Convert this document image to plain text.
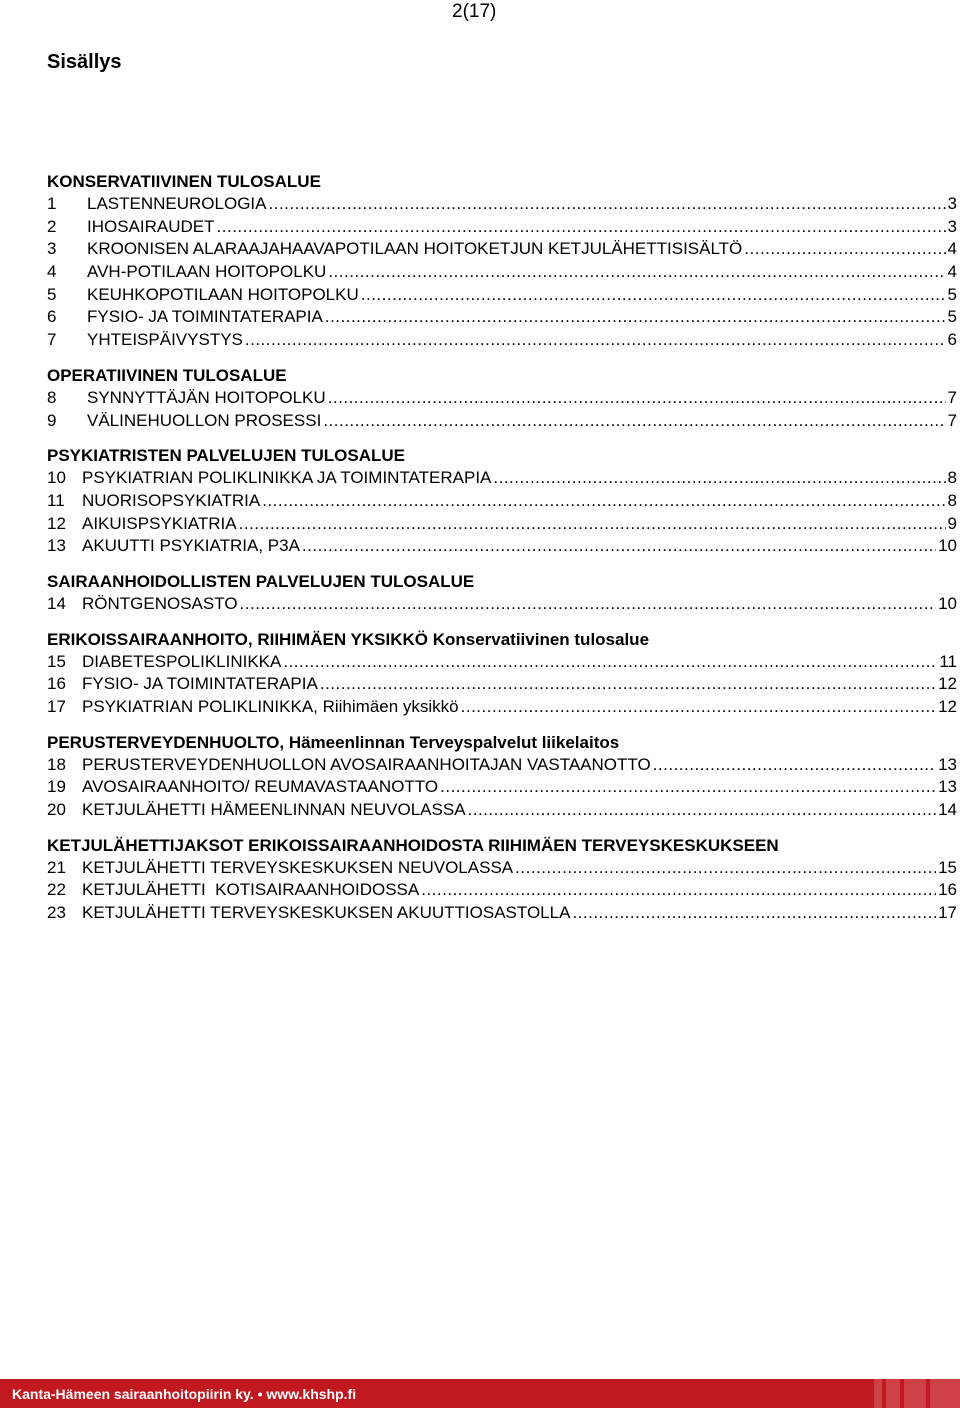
2(17)
Sisällys
KONSERVATIIVINEN TULOSALUE
1	LASTENNEUROLOGIA .....	3
2	IHOSAIRAUDET .....	3
3	KROONISEN ALARAAJAHAAVAPOTILAAN HOITOKETJUN KETJULÄHETTISISÄLTÖ .....	4
4	AVH-POTILAAN HOITOPOLKU .....	4
5	KEUHKOPOTILAAN HOITOPOLKU .....	5
6	FYSIO- JA TOIMINTATERAPIA .....	5
7	YHTEISPÄIVYSTYS .....	6
OPERATIIVINEN TULOSALUE
8	SYNNYTTÄJÄN HOITOPOLKU .....	7
9	VÄLINEHUOLLON PROSESSI .....	7
PSYKIATRISTEN PALVELUJEN TULOSALUE
10 PSYKIATRIAN POLIKLINIKKA JA TOIMINTATERAPIA .....	8
11	NUORISOPSYKIATRIA .....	8
12 AIKUISPSYKIATRIA .....	9
13 AKUUTTI PSYKIATRIA, P3A .....	10
SAIRAANHOIDOLLISTEN PALVELUJEN TULOSALUE
14 RÖNTGENOSASTO .....	10
ERIKOISSAIRAANHOITO, RIIHIMÄEN YKSIKKÖ Konservatiivinen tulosalue
15 DIABETESPOLIKLINIKKA .....	11
16 FYSIO- JA TOIMINTATERAPIA .....	12
17 PSYKIATRIAN POLIKLINIKKA, Riihimäen yksikkö .....	12
PERUSTERVEYDENHUOLTO, Hämeenlinnan Terveyspalvelut liikelaitos
18 PERUSTERVEYDENHUOLLON AVOSAIRAANHOITAJAN VASTAANOTTO .....	13
19 AVOSAIRAANHOITO/ REUMAVASTAANOTTO .....	13
20 KETJULÄHETTI HÄMEENLINNAN NEUVOLASSA .....	14
KETJULÄHETTIJAKSOT ERIKOISSAIRAANHOIDOSTA RIIHIMÄEN TERVEYSKESKUKSEEN
21 KETJULÄHETTI TERVEYSKESKUKSEN NEUVOLASSA .....	15
22 KETJULÄHETTI  KOTISAIRAANHOIDOSSA .....	16
23 KETJULÄHETTI TERVEYSKESKUKSEN AKUUTTIOSASTOLLA .....	17
Kanta-Hämeen sairaanhoitopiirin ky. • www.khshp.fi
